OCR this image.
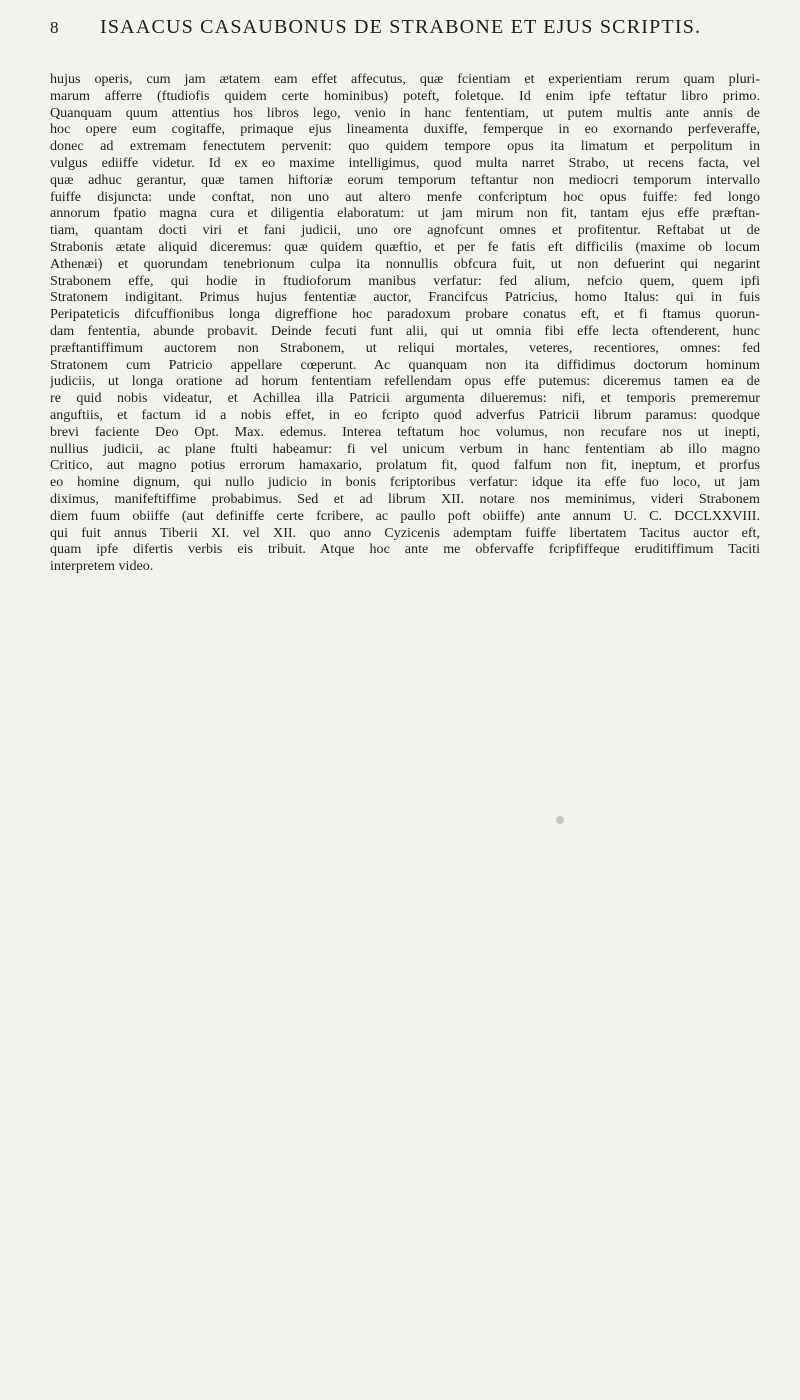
8 ISAACUS CASAUBONUS DE STRABONE ET EJUS SCRIPTIS.
hujus operis, cum jam ætatem eam effet affecutus, quæ fcientiam et experientiam rerum quam pluri-
marum afferre (ftudiofis quidem certe hominibus) poteft, foletque. Id enim ipfe teftatur libro primo.
Quanquam quum attentius hos libros lego, venio in hanc fententiam, ut putem multis ante annis de
hoc opere eum cogitaffe, primaque ejus lineamenta duxiffe, femperque in eo exornando perfeveraffe,
donec ad extremam fenectutem pervenit: quo quidem tempore opus ita limatum et perpolitum in
vulgus ediiffe videtur. Id ex eo maxime intelligimus, quod multa narret Strabo, ut recens facta, vel
quæ adhuc gerantur, quæ tamen hiftoriæ eorum temporum teftantur non mediocri temporum intervallo
fuiffe disjuncta: unde conftat, non uno aut altero menfe confcriptum hoc opus fuiffe: fed longo
annorum fpatio magna cura et diligentia elaboratum: ut jam mirum non fit, tantam ejus effe præftan-
tiam, quantam docti viri et fani judicii, uno ore agnofcunt omnes et profitentur. Reftabat ut de
Strabonis ætate aliquid diceremus: quæ quidem quæftio, et per fe fatis eft difficilis (maxime ob locum
Athenæi) et quorundam tenebrionum culpa ita nonnullis obfcura fuit, ut non defuerint qui negarint
Strabonem effe, qui hodie in ftudioforum manibus verfatur: fed alium, nefcio quem, quem ipfi
Stratonem indigitant. Primus hujus fententiæ auctor, Francifcus Patricius, homo Italus: qui in fuis
Peripateticis difcuffionibus longa digreffione hoc paradoxum probare conatus eft, et fi ftamus quorun-
dam fententia, abunde probavit. Deinde fecuti funt alii, qui ut omnia fibi effe lecta oftenderent, hunc
præftantiffimum auctorem non Strabonem, ut reliqui mortales, veteres, recentiores, omnes: fed
Stratonem cum Patricio appellare cœperunt. Ac quanquam non ita diffidimus doctorum hominum
judiciis, ut longa oratione ad horum fententiam refellendam opus effe putemus: diceremus tamen ea de
re quid nobis videatur, et Achillea illa Patricii argumenta dilueremus: nifi, et temporis premeremur
anguftiis, et factum id a nobis effet, in eo fcripto quod adverfus Patricii librum paramus: quodque
brevi faciente Deo Opt. Max. edemus. Interea teftatum hoc volumus, non recufare nos ut inepti,
nullius judicii, ac plane ftulti habeamur: fi vel unicum verbum in hanc fententiam ab illo magno
Critico, aut magno potius errorum hamaxario, prolatum fit, quod falfum non fit, ineptum, et prorfus
eo homine dignum, qui nullo judicio in bonis fcriptoribus verfatur: idque ita effe fuo loco, ut jam
diximus, manifeftiffime probabimus. Sed et ad librum XII. notare nos meminimus, videri Strabonem
diem fuum obiiffe (aut definiffe certe fcribere, ac paullo poft obiiffe) ante annum U. C. DCCLXXVIII.
qui fuit annus Tiberii XI. vel XII. quo anno Cyzicenis ademptam fuiffe libertatem Tacitus auctor eft,
quam ipfe difertis verbis eis tribuit. Atque hoc ante me obfervaffe fcripfiffeque eruditiffimum Taciti
interpretem video.
